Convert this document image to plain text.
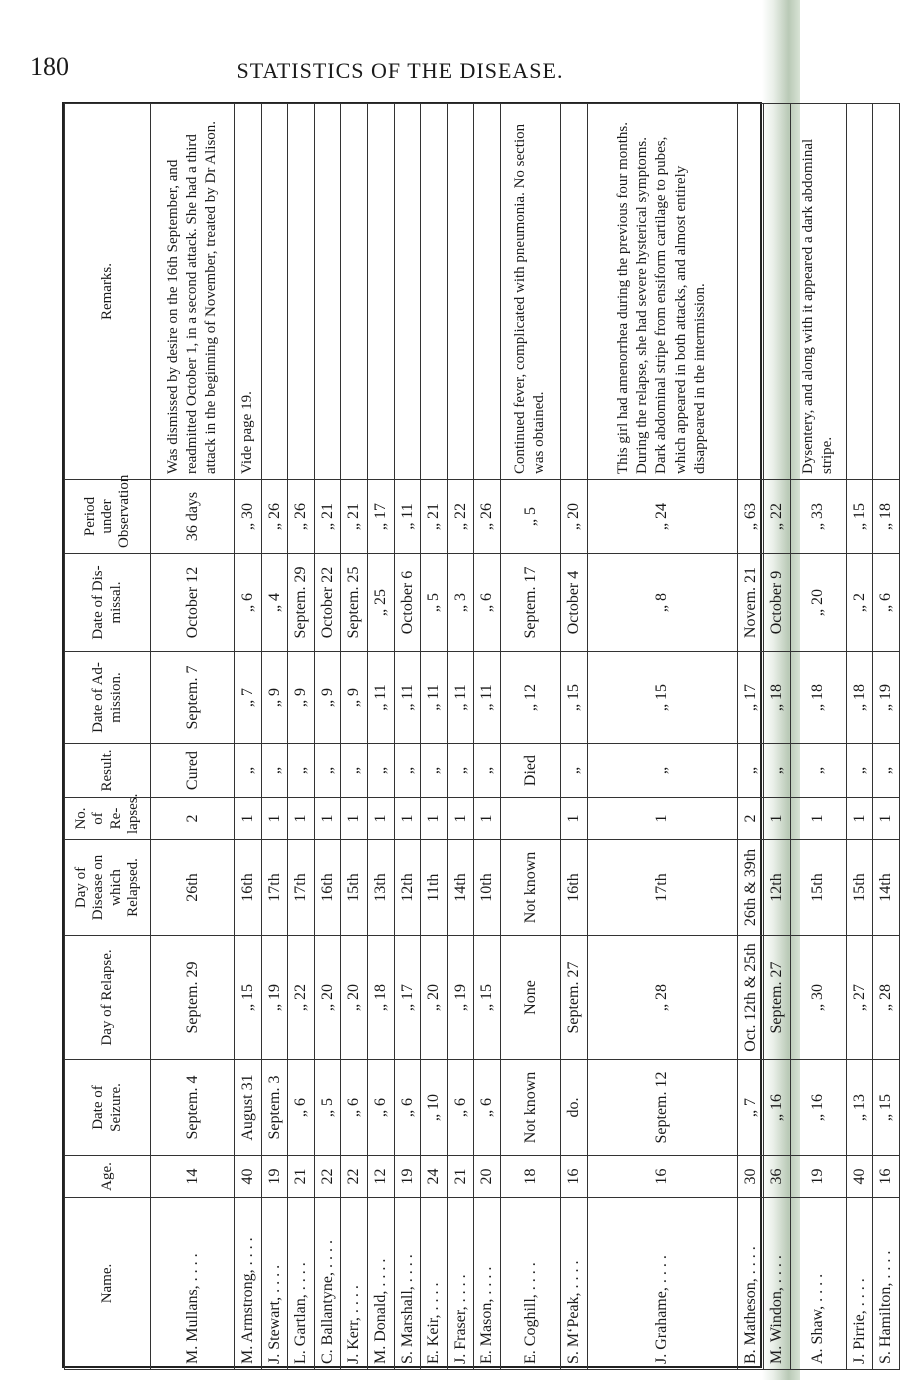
180	STATISTICS OF THE DISEASE.
Name.	Age.	Date of Seizure.	Day of Relapse.	Day of Disease on which Relapsed.	No. of Re-lapses.	Result.	Date of Ad-mission.	Date of Dis-missal.	Period under Observation	Remarks.
M. Mullans, . . . .	14	Septem. 4	Septem. 29	26th	2	Cured	Septem. 7	October 12	36 days	Was dismissed by desire on the 16th September, and readmitted October 1, in a second attack. She had a third attack in the beginning of November, treated by Dr Alison.
M. Armstrong, . . . .	40	August 31	„ 15	16th	1	„	„ 7	„ 6	„ 30	Vide page 19.
J. Stewart, . . . .	19	Septem. 3	„ 19	17th	1	„	„ 9	„ 4	„ 26	
L. Gartlan, . . . .	21	„ 6	„ 22	17th	1	„	„ 9	Septem. 29	„ 26	
C. Ballantyne, . . . .	22	„ 5	„ 20	16th	1	„	„ 9	October 22	„ 21	
J. Kerr, . . . .	22	„ 6	„ 20	15th	1	„	„ 9	Septem. 25	„ 21	
M. Donald, . . . .	12	„ 6	„ 18	13th	1	„	„ 11	„ 25	„ 17	
S. Marshall, . . . .	19	„ 6	„ 17	12th	1	„	„ 11	October 6	„ 11	
E. Keir, . . . .	24	„ 10	„ 20	11th	1	„	„ 11	„ 5	„ 21	
J. Fraser, . . . .	21	„ 6	„ 19	14th	1	„	„ 11	„ 3	„ 22	
E. Mason, . . . .	20	„ 6	„ 15	10th	1	„	„ 11	„ 6	„ 26	
E. Coghill, . . . .	18	Not known	None	Not known		Died	„ 12	Septem. 17	„ 5	Continued fever, complicated with pneumonia. No section was obtained.
S. M‘Peak, . . . .	16	do.	Septem. 27	16th	1	„	„ 15	October 4	„ 20	
J. Grahame, . . . .	16	Septem. 12	„ 28	17th	1	„	„ 15	„ 8	„ 24	This girl had amenorrhea during the previous four months. During the relapse, she had severe hysterical symptoms. Dark abdominal stripe from ensiform cartilage to pubes, which appeared in both attacks, and almost entirely disappeared in the intermission.
B. Matheson, . . . .	30	„ 7	Oct. 12th & 25th	26th & 39th	2	„	„ 17	Novem. 21	„ 63	
M. Windon, . . . .	36	„ 16	Septem. 27	12th	1	„	„ 18	October 9	„ 22	
A. Shaw, . . . .	19	„ 16	„ 30	15th	1	„	„ 18	„ 20	„ 33	Dysentery, and along with it appeared a dark abdominal stripe.
J. Pirrie, . . . .	40	„ 13	„ 27	15th	1	„	„ 18	„ 2	„ 15	
S. Hamilton, . . . .	16	„ 15	„ 28	14th	1	„	„ 19	„ 6	„ 18	
